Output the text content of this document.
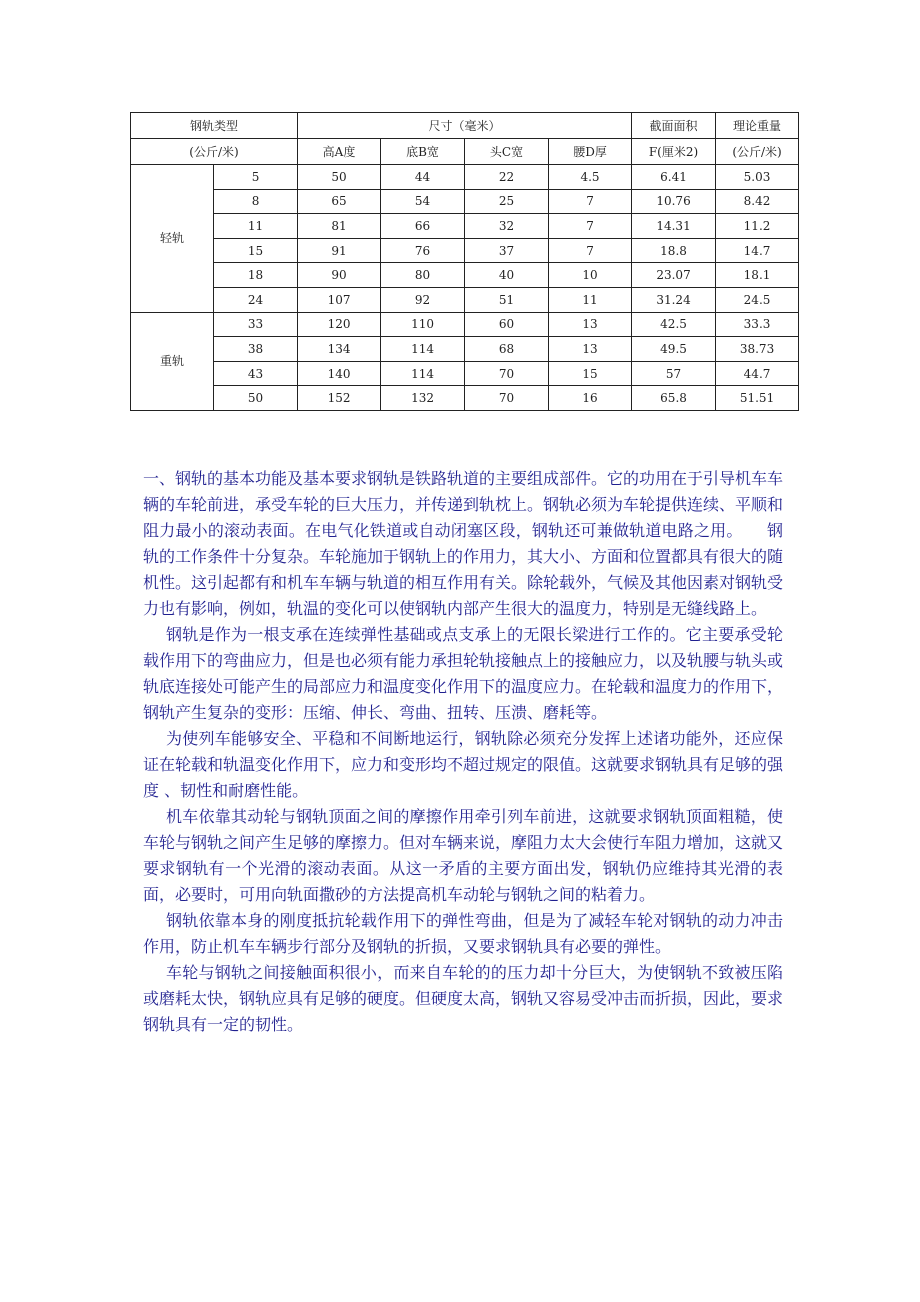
钢轨类型		尺寸（毫米）				截面面积	理论重量
(公斤/米)		高A度	底B宽	头C宽	腰D厚	F(厘米2)	(公斤/米)
轻轨	5	50	44	22	4.5	6.41	5.03
	8	65	54	25	7	10.76	8.42
	11	81	66	32	7	14.31	11.2
	15	91	76	37	7	18.8	14.7
	18	90	80	40	10	23.07	18.1
	24	107	92	51	11	31.24	24.5
重轨	33	120	110	60	13	42.5	33.3
	38	134	114	68	13	49.5	38.73
	43	140	114	70	15	57	44.7
	50	152	132	70	16	65.8	51.51

一、钢轨的基本功能及基本要求钢轨是铁路轨道的主要组成部件。它的功用在于引导机车车辆的车轮前进，承受车轮的巨大压力，并传递到轨枕上。钢轨必须为车轮提供连续、平顺和阻力最小的滚动表面。在电气化铁道或自动闭塞区段，钢轨还可兼做轨道电路之用。　　钢轨的工作条件十分复杂。车轮施加于钢轨上的作用力，其大小、方面和位置都具有很大的随机性。这引起都有和机车车辆与轨道的相互作用有关。除轮载外，气候及其他因素对钢轨受力也有影响，例如，轨温的变化可以使钢轨内部产生很大的温度力，特别是无缝线路上。

钢轨是作为一根支承在连续弹性基础或点支承上的无限长梁进行工作的。它主要承受轮载作用下的弯曲应力，但是也必须有能力承担轮轨接触点上的接触应力，以及轨腰与轨头或轨底连接处可能产生的局部应力和温度变化作用下的温度应力。在轮载和温度力的作用下，钢轨产生复杂的变形：压缩、伸长、弯曲、扭转、压溃、磨耗等。

为使列车能够安全、平稳和不间断地运行，钢轨除必须充分发挥上述诸功能外，还应保证在轮载和轨温变化作用下，应力和变形均不超过规定的限值。这就要求钢轨具有足够的强度 、韧性和耐磨性能。

机车依靠其动轮与钢轨顶面之间的摩擦作用牵引列车前进，这就要求钢轨顶面粗糙，使车轮与钢轨之间产生足够的摩擦力。但对车辆来说，摩阻力太大会使行车阻力增加，这就又要求钢轨有一个光滑的滚动表面。从这一矛盾的主要方面出发，钢轨仍应维持其光滑的表面，必要时，可用向轨面撒砂的方法提高机车动轮与钢轨之间的粘着力。

钢轨依靠本身的刚度抵抗轮载作用下的弹性弯曲，但是为了减轻车轮对钢轨的动力冲击作用，防止机车车辆步行部分及钢轨的折损，又要求钢轨具有必要的弹性。

车轮与钢轨之间接触面积很小，而来自车轮的的压力却十分巨大，为使钢轨不致被压陷或磨耗太快，钢轨应具有足够的硬度。但硬度太高，钢轨又容易受冲击而折损，因此，要求钢轨具有一定的韧性。
